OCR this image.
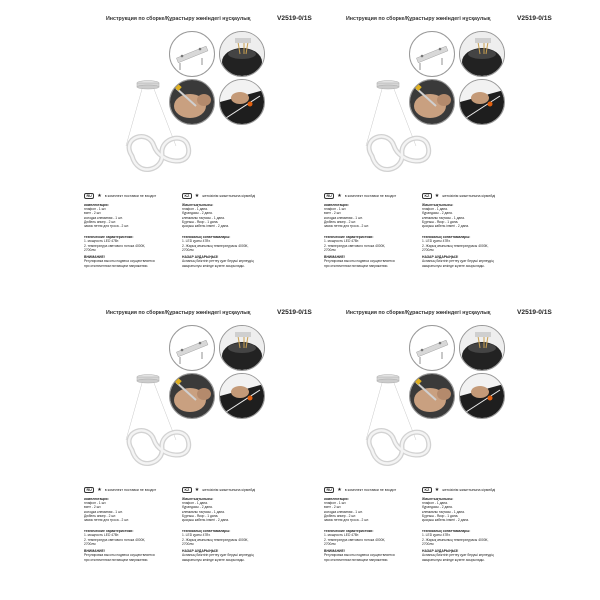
Инструкция по сборке/Құрастыру жөніндегі нұсқаулық	V2519-0/1S
RU	★ в комплект поставки не входит
комплектация:
плафон - 1 шт.
винт - 2 шт.
колодка клеммная - 1 шт.
Дюбель анкер - 2 шт.
замок петля для троса - 2 шт.
технические характеристики:
1. мощность LED 47Вт.
2. температура светового потока 4000К,
2700лм
ВНИМАНИЕ!
Регулировка высоты подвеса осуществляется
при отключенном питающем напряжении.
KZ	★ жеткізілім жиынтығына кірмейді
Жиынтықтылығы:
плафон - 1 дана.
бұрандасы - 2 дана.
клеммалы тақтасы - 1 дана.
Бұрғыш - Якор - 1 дана.
қысқыш кабель ілмегі - 2 дана.
техникалық сипаттамалары:
1. LED қуаты 47Вт.
2. Жарық ағынының температурасы 4000К,
2700лм
НАЗАР АУДАРЫҢЫЗ!
Аспаның биіктігін реттеу қуат берушi кернеудің
ажыратылуы кезінде жүзеге асырылады.
Инструкция по сборке/Құрастыру жөніндегі нұсқаулық	V2519-0/1S
RU	★ в комплект поставки не входит
комплектация:
плафон - 1 шт.
винт - 2 шт.
колодка клеммная - 1 шт.
Дюбель анкер - 2 шт.
замок петля для троса - 2 шт.
технические характеристики:
1. мощность LED 47Вт.
2. температура светового потока 4000К,
2700лм
ВНИМАНИЕ!
Регулировка высоты подвеса осуществляется
при отключенном питающем напряжении.
KZ	★ жеткізілім жиынтығына кірмейді
Жиынтықтылығы:
плафон - 1 дана.
бұрандасы - 2 дана.
клеммалы тақтасы - 1 дана.
Бұрғыш - Якор - 1 дана.
қысқыш кабель ілмегі - 2 дана.
техникалық сипаттамалары:
1. LED қуаты 47Вт.
2. Жарық ағынының температурасы 4000К,
2700лм
НАЗАР АУДАРЫҢЫЗ!
Аспаның биіктігін реттеу қуат берушi кернеудің
ажыратылуы кезінде жүзеге асырылады.
Инструкция по сборке/Құрастыру жөніндегі нұсқаулық	V2519-0/1S
RU	★ в комплект поставки не входит
комплектация:
плафон - 1 шт.
винт - 2 шт.
колодка клеммная - 1 шт.
Дюбель анкер - 2 шт.
замок петля для троса - 2 шт.
технические характеристики:
1. мощность LED 47Вт.
2. температура светового потока 4000К,
2700лм
ВНИМАНИЕ!
Регулировка высоты подвеса осуществляется
при отключенном питающем напряжении.
KZ	★ жеткізілім жиынтығына кірмейді
Жиынтықтылығы:
плафон - 1 дана.
бұрандасы - 2 дана.
клеммалы тақтасы - 1 дана.
Бұрғыш - Якор - 1 дана.
қысқыш кабель ілмегі - 2 дана.
техникалық сипаттамалары:
1. LED қуаты 47Вт.
2. Жарық ағынының температурасы 4000К,
2700лм
НАЗАР АУДАРЫҢЫЗ!
Аспаның биіктігін реттеу қуат берушi кернеудің
ажыратылуы кезінде жүзеге асырылады.
Инструкция по сборке/Құрастыру жөніндегі нұсқаулық	V2519-0/1S
RU	★ в комплект поставки не входит
комплектация:
плафон - 1 шт.
винт - 2 шт.
колодка клеммная - 1 шт.
Дюбель анкер - 2 шт.
замок петля для троса - 2 шт.
технические характеристики:
1. мощность LED 47Вт.
2. температура светового потока 4000К,
2700лм
ВНИМАНИЕ!
Регулировка высоты подвеса осуществляется
при отключенном питающем напряжении.
KZ	★ жеткізілім жиынтығына кірмейді
Жиынтықтылығы:
плафон - 1 дана.
бұрандасы - 2 дана.
клеммалы тақтасы - 1 дана.
Бұрғыш - Якор - 1 дана.
қысқыш кабель ілмегі - 2 дана.
техникалық сипаттамалары:
1. LED қуаты 47Вт.
2. Жарық ағынының температурасы 4000К,
2700лм
НАЗАР АУДАРЫҢЫЗ!
Аспаның биіктігін реттеу қуат берушi кернеудің
ажыратылуы кезінде жүзеге асырылады.
